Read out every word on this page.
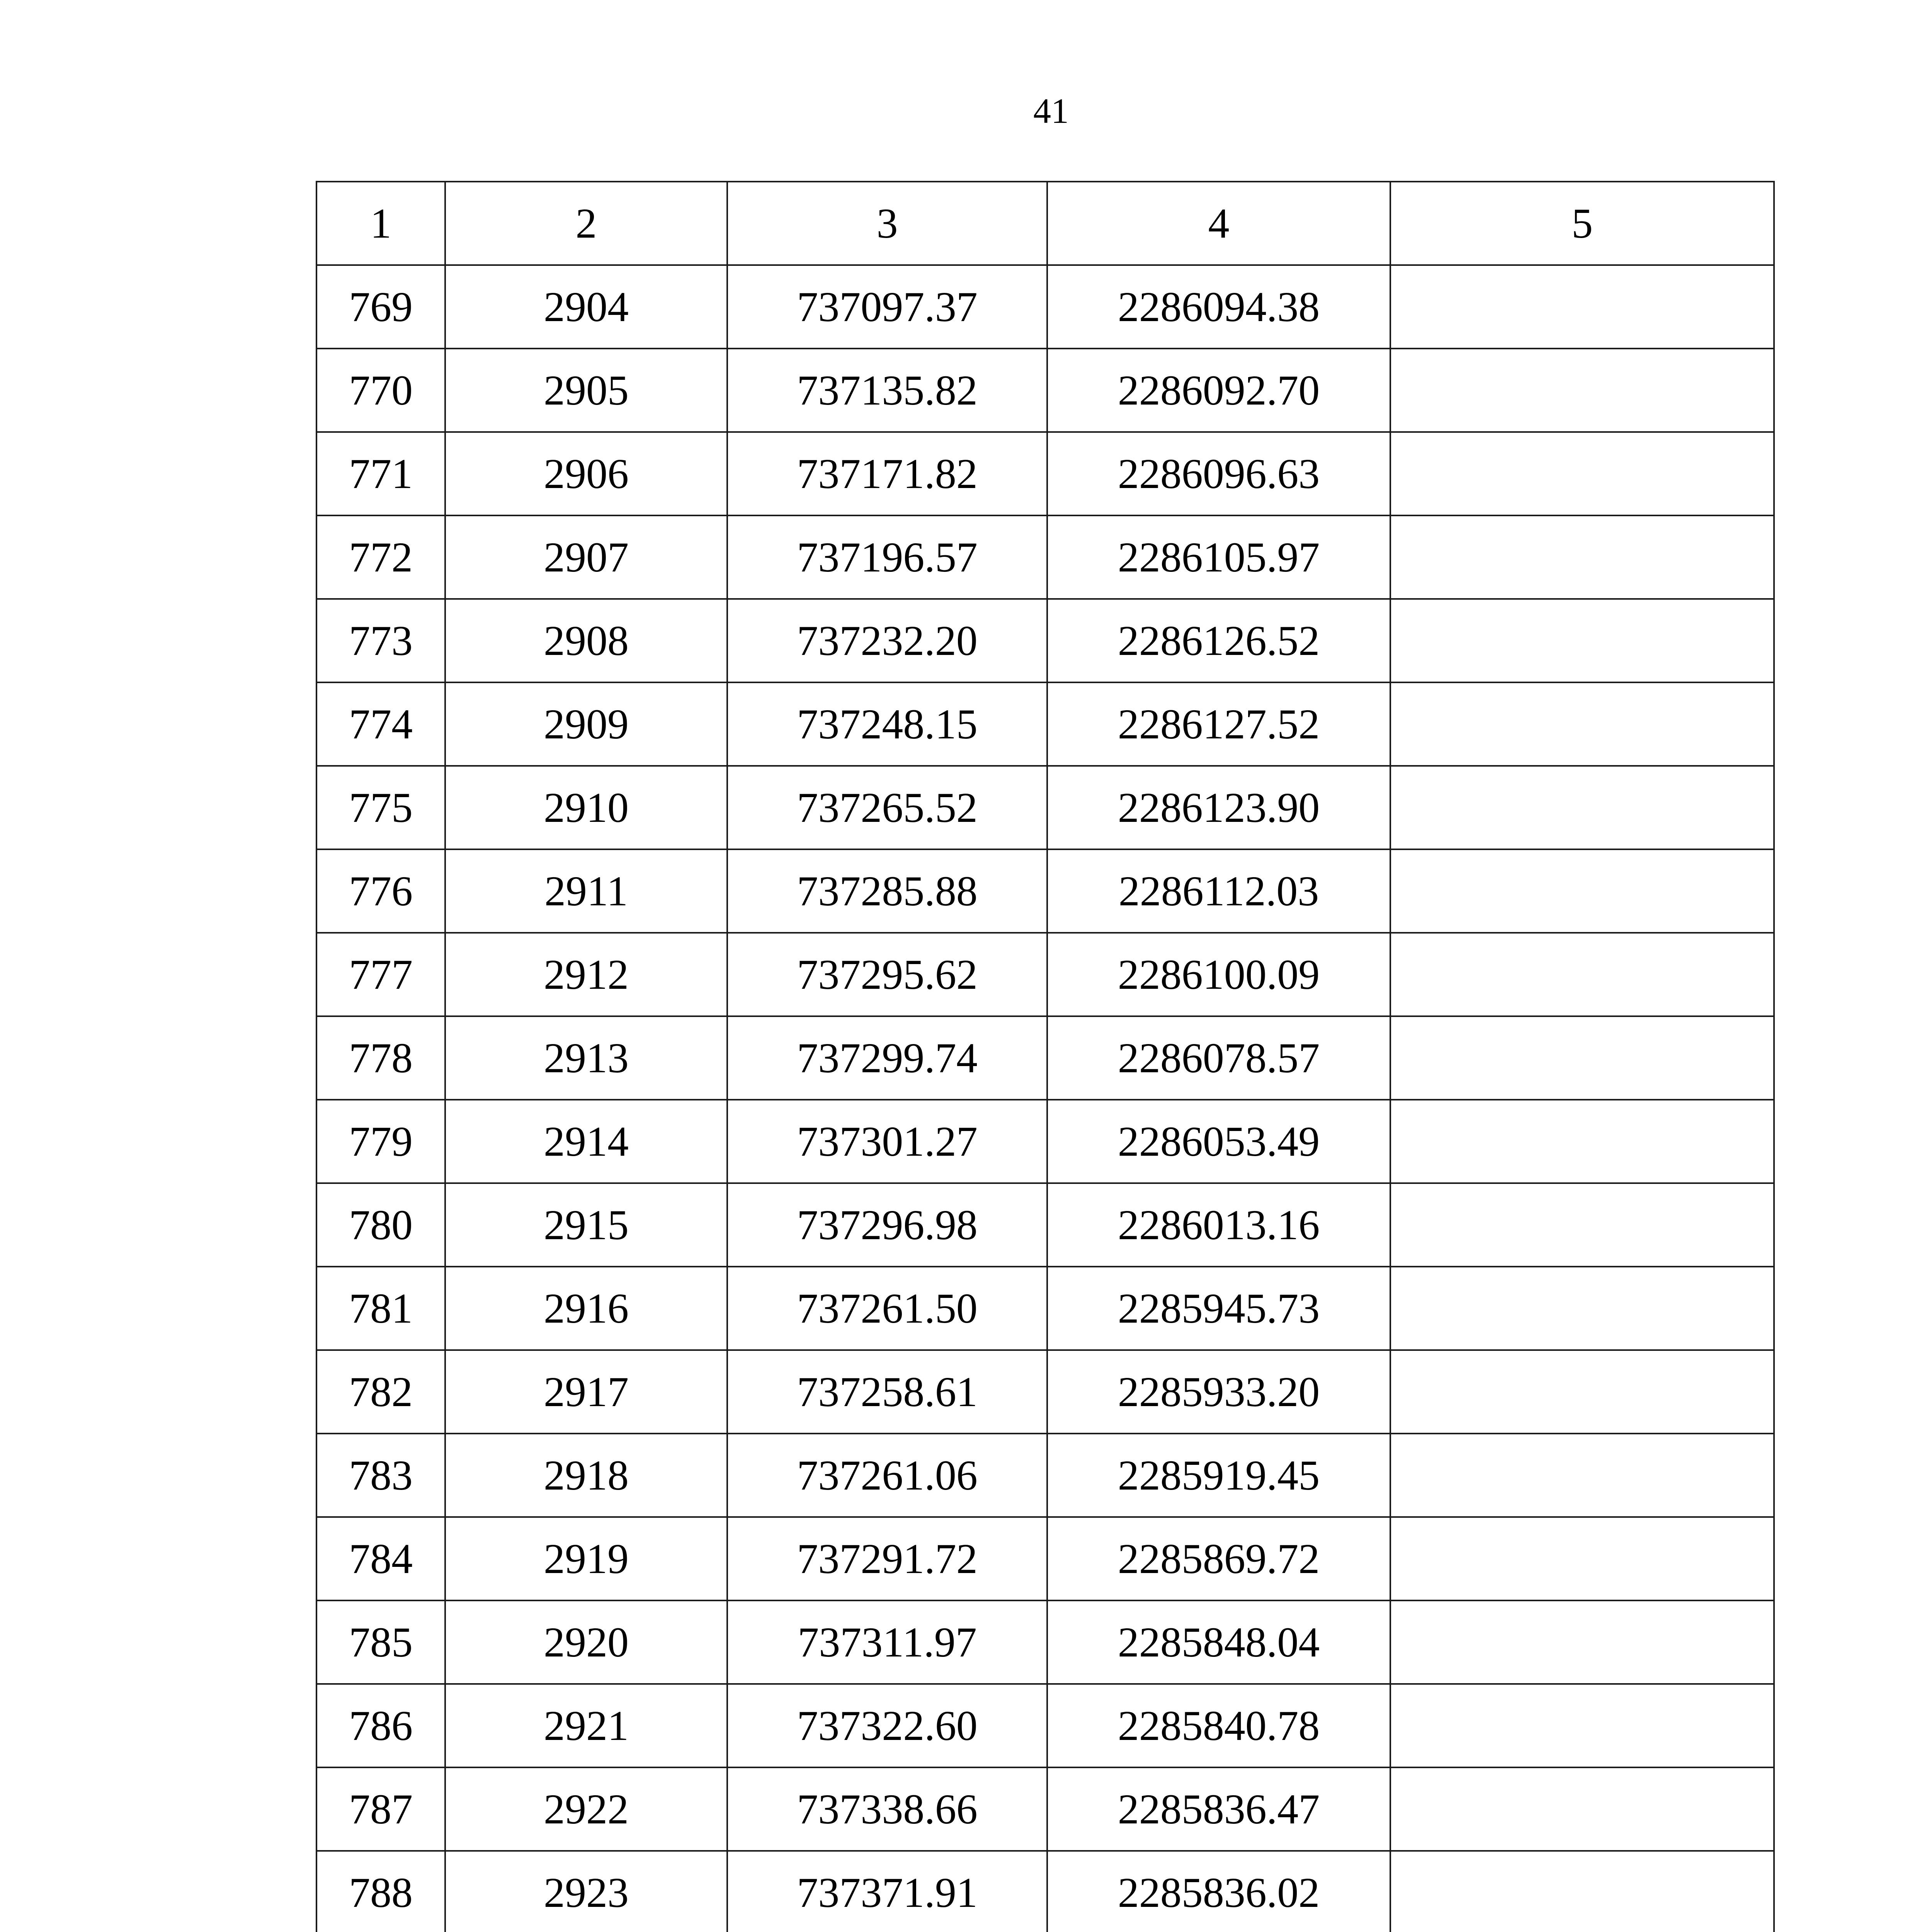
41
1	2	3	4	5
769	2904	737097.37	2286094.38	
770	2905	737135.82	2286092.70	
771	2906	737171.82	2286096.63	
772	2907	737196.57	2286105.97	
773	2908	737232.20	2286126.52	
774	2909	737248.15	2286127.52	
775	2910	737265.52	2286123.90	
776	2911	737285.88	2286112.03	
777	2912	737295.62	2286100.09	
778	2913	737299.74	2286078.57	
779	2914	737301.27	2286053.49	
780	2915	737296.98	2286013.16	
781	2916	737261.50	2285945.73	
782	2917	737258.61	2285933.20	
783	2918	737261.06	2285919.45	
784	2919	737291.72	2285869.72	
785	2920	737311.97	2285848.04	
786	2921	737322.60	2285840.78	
787	2922	737338.66	2285836.47	
788	2923	737371.91	2285836.02	
